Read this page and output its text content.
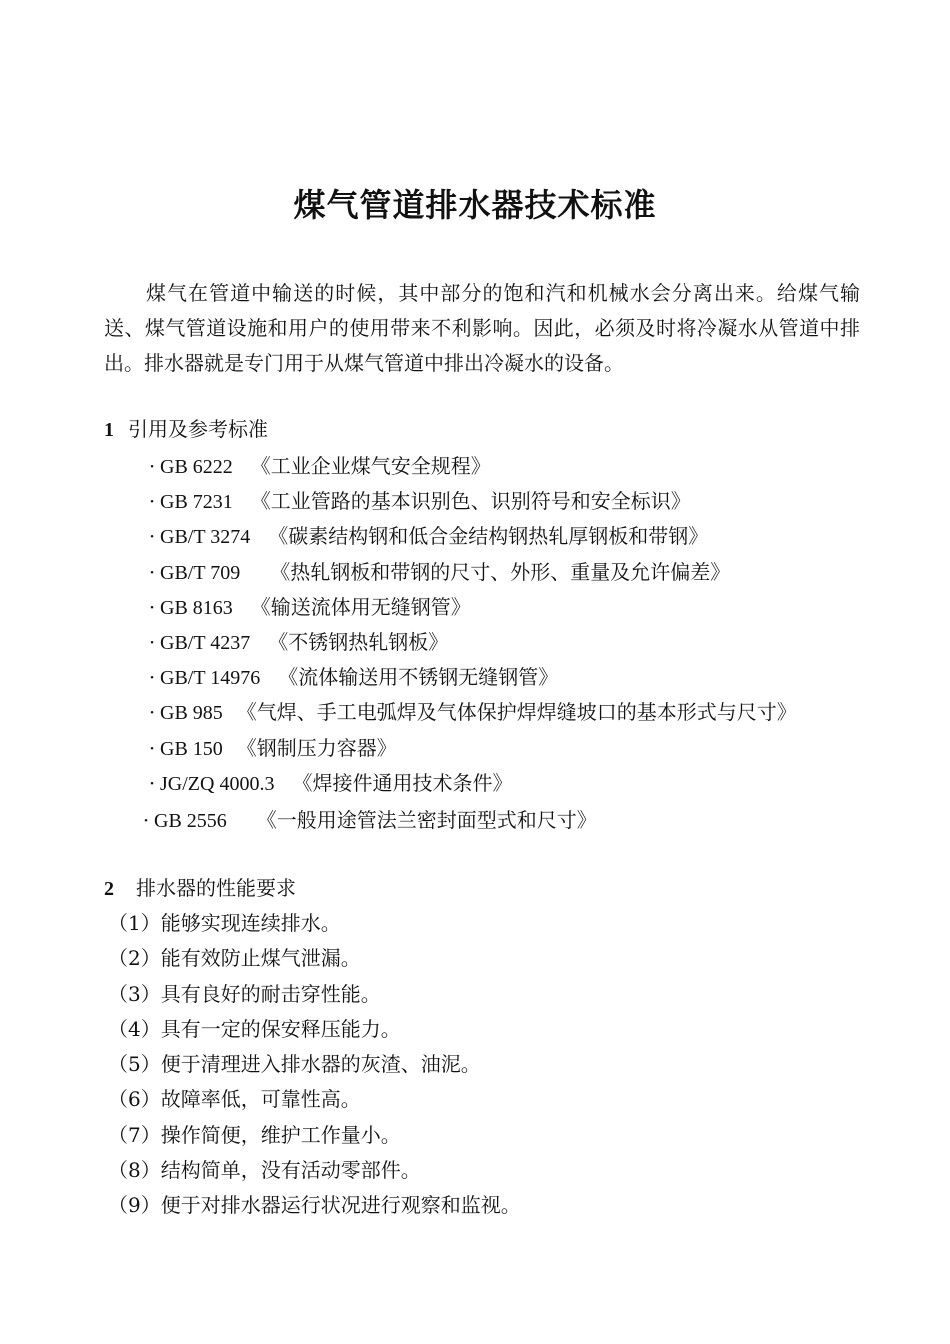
煤气管道排水器技术标准

煤气在管道中输送的时候，其中部分的饱和汽和机械水会分离出来。给煤气输送、煤气管道设施和用户的使用带来不利影响。因此，必须及时将冷凝水从管道中排出。排水器就是专门用于从煤气管道中排出冷凝水的设备。

1 引用及参考标准
· GB 6222 《工业企业煤气安全规程》
· GB 7231 《工业管路的基本识别色、识别符号和安全标识》
· GB/T 3274 《碳素结构钢和低合金结构钢热轧厚钢板和带钢》
· GB/T 709 《热轧钢板和带钢的尺寸、外形、重量及允许偏差》
· GB 8163 《输送流体用无缝钢管》
· GB/T 4237 《不锈钢热轧钢板》
· GB/T 14976 《流体输送用不锈钢无缝钢管》
· GB 985 《气焊、手工电弧焊及气体保护焊焊缝坡口的基本形式与尺寸》
· GB 150 《钢制压力容器》
· JG/ZQ 4000.3 《焊接件通用技术条件》
· GB 2556 《一般用途管法兰密封面型式和尺寸》
2 排水器的性能要求
（1）能够实现连续排水。
（2）能有效防止煤气泄漏。
（3）具有良好的耐击穿性能。
（4）具有一定的保安释压能力。
（5）便于清理进入排水器的灰渣、油泥。
（6）故障率低，可靠性高。
（7）操作简便，维护工作量小。
（8）结构简单，没有活动零部件。
（9）便于对排水器运行状况进行观察和监视。
